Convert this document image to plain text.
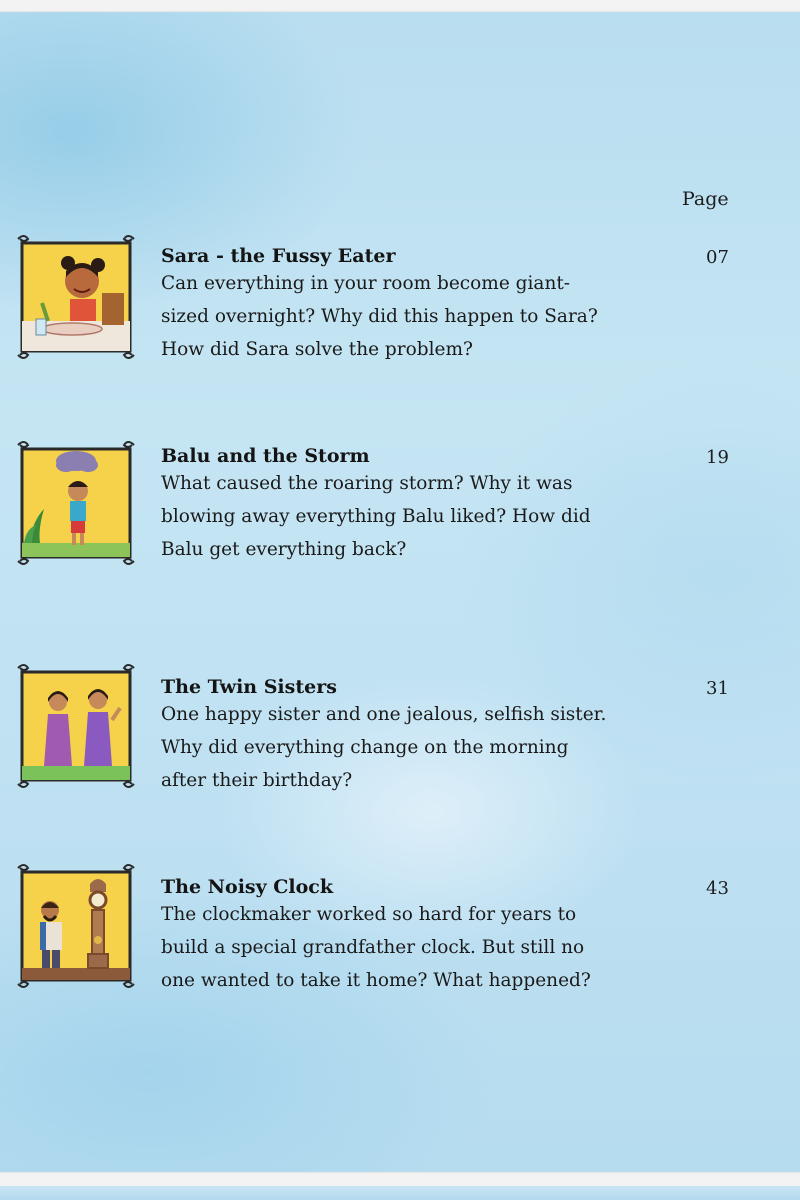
Page
Sara - the Fussy Eater
Can everything in your room become giant-sized overnight? Why did this happen to Sara? How did Sara solve the problem?
07
Balu and the Storm
What caused the roaring storm? Why it was blowing away everything Balu liked? How did Balu get everything back?
19
The Twin Sisters
One happy sister and one jealous, selfish sister. Why did everything change on the morning after their birthday?
31
The Noisy Clock
The clockmaker worked so hard for years to build a special grandfather clock. But still no one wanted to take it home? What happened?
43
